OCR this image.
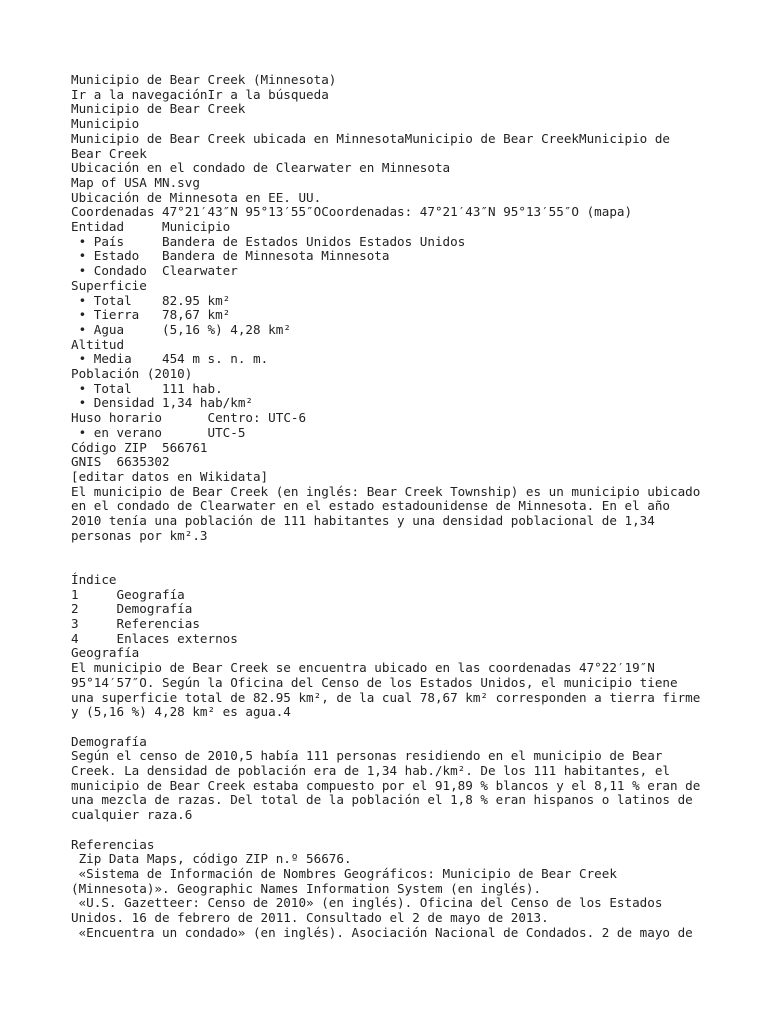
Municipio de Bear Creek (Minnesota)
Ir a la navegaciónIr a la búsqueda
Municipio de Bear Creek
Municipio
Municipio de Bear Creek ubicada en MinnesotaMunicipio de Bear CreekMunicipio de
Bear Creek
Ubicación en el condado de Clearwater en Minnesota
Map of USA MN.svg
Ubicación de Minnesota en EE. UU.
Coordenadas 47°21′43″N 95°13′55″OCoordenadas: 47°21′43″N 95°13′55″O (mapa)
Entidad	Municipio
• País	Bandera de Estados Unidos Estados Unidos
• Estado Bandera de Minnesota Minnesota
• Condado Clearwater
Superficie
• Total 82.95 km²
• Tierra 78,67 km²
• Agua	(5,16 %) 4,28 km²
Altitud
• Media 454 m s. n. m.
Población (2010)
• Total 111 hab.
• Densidad 1,34 hab/km²
Huso horario	Centro: UTC-6
• en verano	UTC-5
Código ZIP 566761
GNIS 6635302
[editar datos en Wikidata]
El municipio de Bear Creek (en inglés: Bear Creek Township) es un municipio ubicado
en el condado de Clearwater en el estado estadounidense de Minnesota. En el año
2010 tenía una población de 111 habitantes y una densidad poblacional de 1,34
personas por km².3
Índice
1	Geografía
2	Demografía
3	Referencias
4	Enlaces externos
Geografía
El municipio de Bear Creek se encuentra ubicado en las coordenadas 47°22′19″N
95°14′57″O. Según la Oficina del Censo de los Estados Unidos, el municipio tiene
una superficie total de 82.95 km², de la cual 78,67 km² corresponden a tierra firme
y (5,16 %) 4,28 km² es agua.4
Demografía
Según el censo de 2010,5 había 111 personas residiendo en el municipio de Bear
Creek. La densidad de población era de 1,34 hab./km². De los 111 habitantes, el
municipio de Bear Creek estaba compuesto por el 91,89 % blancos y el 8,11 % eran de
una mezcla de razas. Del total de la población el 1,8 % eran hispanos o latinos de
cualquier raza.6
Referencias
Zip Data Maps, código ZIP n.º 56676.
«Sistema de Información de Nombres Geográficos: Municipio de Bear Creek
(Minnesota)». Geographic Names Information System (en inglés).
«U.S. Gazetteer: Censo de 2010» (en inglés). Oficina del Censo de los Estados
Unidos. 16 de febrero de 2011. Consultado el 2 de mayo de 2013.
«Encuentra un condado» (en inglés). Asociación Nacional de Condados. 2 de mayo de
